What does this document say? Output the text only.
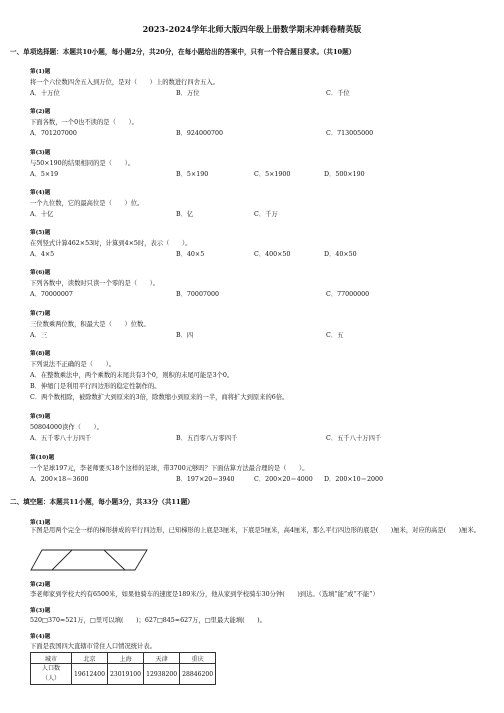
2023-2024学年北师大版四年级上册数学期末冲刺卷精英版
一、单项选择题：本题共10小题，每小题2分，共20分，在每小题给出的答案中，只有一个符合题目要求。（共10题）
第(1)题
将一个六位数四舍五入到万位，是对（　　）上的数进行四舍五入。
A．十万位	B．万位	C．千位
第(2)题
下面各数，一个0也不读的是（　　）。
A．701207000	B．924000700	C．713005000
第(3)题
与50×190的结果相同的是（　　）。
A．5×19	B．5×190	C．5×1900	D．500×190
第(4)题
一个九位数，它的最高位是（　　）位。
A．十亿	B．亿	C．千万
第(5)题
在列竖式计算462×53时，计算到4×5时，表示（　　）。
A．4×5	B．40×5	C．400×50	D．40×50
第(6)题
下列各数中，读数时只读一个零的是（　　）。
A．70000007	B．70007000	C．77000000
第(7)题
三位数乘两位数，积最大是（　　）位数。
A．三	B．四	C．五
第(8)题
下列说法不正确的是（　　）。
A．在整数乘法中，两个乘数的末尾共有3个0，则积的末尾可能是3个0。
B．伸缩门是利用平行四边形的稳定性制作的。
C．两个数相除，被除数扩大到原来的3倍，除数缩小到原来的一半，商将扩大到原来的6倍。
第(9)题
50804000读作（　　）。
A．五千零八十万四千	B．五百零八万零四千	C．五千八十万四千
第(10)题
一个足球197元，李老师要买18个这样的足球，带3700元够吗？下面估算方法最合理的是（　　）。
A．200×18＝3600	B．197×20＝3940	C．200×20＝4000 D．200×10＝2000
二、填空题：本题共11小题，每小题3分，共33分（共11题）
第(1)题
下图是用两个完全一样的梯形拼成的平行四边形，已知梯形的上底是3厘米，下底是5厘米，高4厘米，那么平行四边形的底是(　　)厘米，对应的高是(　　)厘米。
第(2)题
李老师家到学校大约有6500米，如果他骑车的速度是189米/分，他从家到学校骑车30分钟(　　)到达。（选填“能”或“不能”）
第(3)题
520□370≈521万，□里可以填(　　)；627□845≈627万，□里最大能填(　　)。
第(4)题
下面是我国四大直辖市常住人口情况统计表。
城市	北京	上海	天津	重庆
人口数
（人）	19612400	23019100	12938200	28846200
